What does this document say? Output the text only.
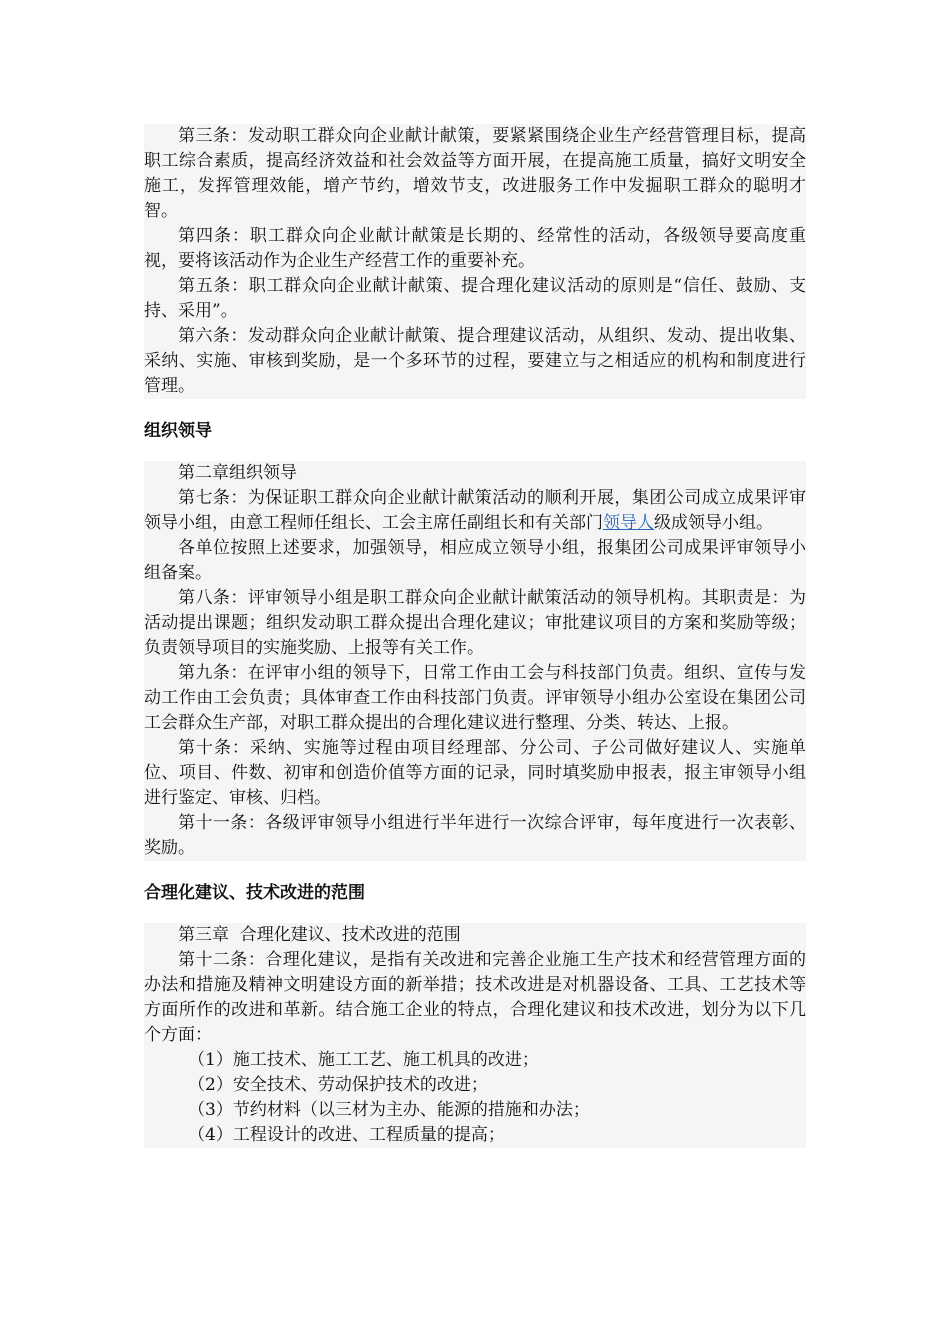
第三条：发动职工群众向企业献计献策，要紧紧围绕企业生产经营管理目标，提高职工综合素质，提高经济效益和社会效益等方面开展，在提高施工质量，搞好文明安全施工，发挥管理效能，增产节约，增效节支，改进服务工作中发掘职工群众的聪明才智。

第四条：职工群众向企业献计献策是长期的、经常性的活动，各级领导要高度重视，要将该活动作为企业生产经营工作的重要补充。

第五条：职工群众向企业献计献策、提合理化建议活动的原则是“信任、鼓励、支持、采用”。

第六条：发动群众向企业献计献策、提合理建议活动，从组织、发动、提出收集、采纳、实施、审核到奖励，是一个多环节的过程，要建立与之相适应的机构和制度进行管理。

组织领导

第二章组织领导

第七条：为保证职工群众向企业献计献策活动的顺利开展，集团公司成立成果评审领导小组，由意工程师任组长、工会主席任副组长和有关部门领导人级成领导小组。

各单位按照上述要求，加强领导，相应成立领导小组，报集团公司成果评审领导小组备案。

第八条：评审领导小组是职工群众向企业献计献策活动的领导机构。其职责是：为活动提出课题；组织发动职工群众提出合理化建议；审批建议项目的方案和奖励等级；负责领导项目的实施奖励、上报等有关工作。

第九条：在评审小组的领导下，日常工作由工会与科技部门负责。组织、宣传与发动工作由工会负责；具体审查工作由科技部门负责。评审领导小组办公室设在集团公司工会群众生产部，对职工群众提出的合理化建议进行整理、分类、转达、上报。

第十条：采纳、实施等过程由项目经理部、分公司、子公司做好建议人、实施单位、项目、件数、初审和创造价值等方面的记录，同时填奖励申报表，报主审领导小组进行鉴定、审核、归档。

第十一条：各级评审领导小组进行半年进行一次综合评审，每年度进行一次表彰、奖励。

合理化建议、技术改进的范围

第三章  合理化建议、技术改进的范围

第十二条：合理化建议，是指有关改进和完善企业施工生产技术和经营管理方面的办法和措施及精神文明建设方面的新举措；技术改进是对机器设备、工具、工艺技术等方面所作的改进和革新。结合施工企业的特点，合理化建议和技术改进，划分为以下几个方面：

（1）施工技术、施工工艺、施工机具的改进；

（2）安全技术、劳动保护技术的改进；

（3）节约材料（以三材为主办、能源的措施和办法；

（4）工程设计的改进、工程质量的提高；
